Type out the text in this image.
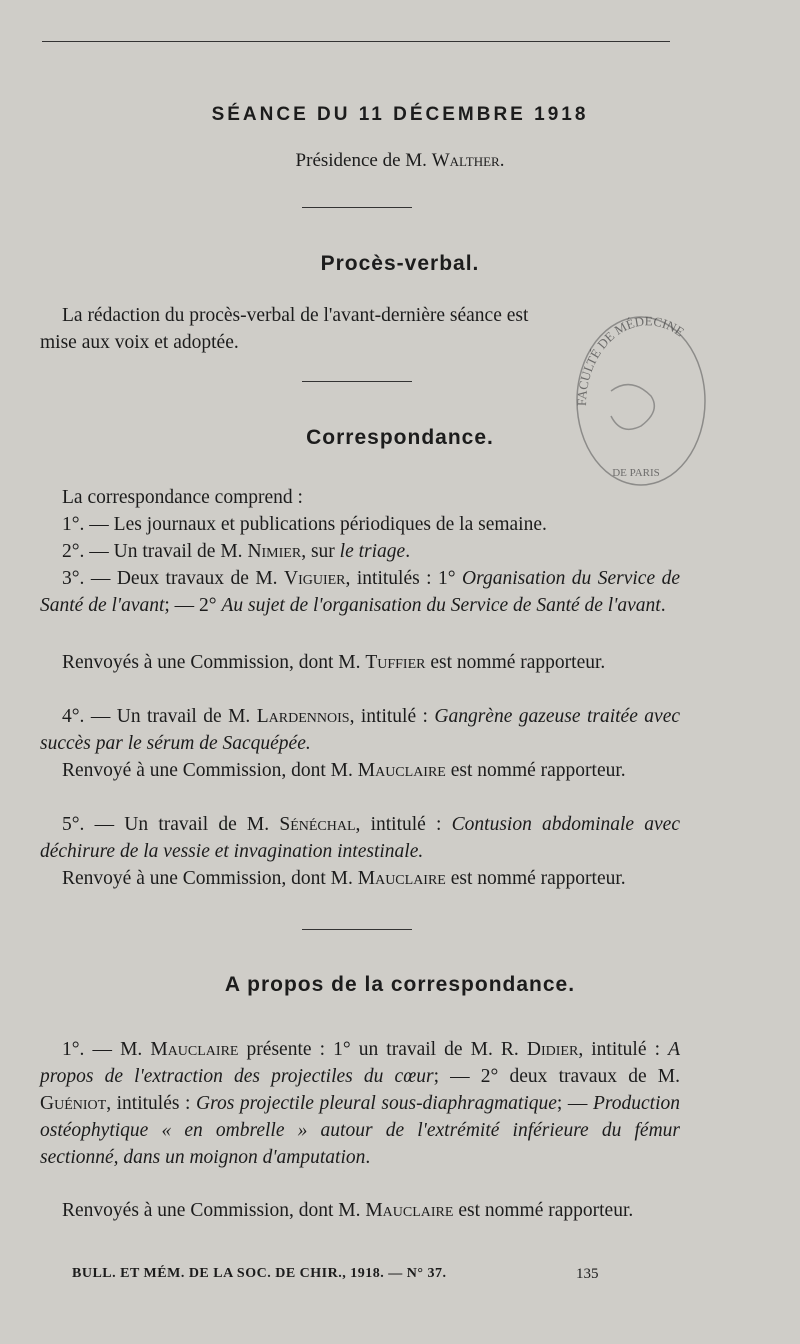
SÉANCE DU 11 DÉCEMBRE 1918
Présidence de M. Walther.
Procès-verbal.
La rédaction du procès-verbal de l'avant-dernière séance est
mise aux voix et adoptée.
Correspondance.
La correspondance comprend :
1°. — Les journaux et publications périodiques de la semaine.
2°. — Un travail de M. Nimier, sur le triage.
3°. — Deux travaux de M. Viguier, intitulés : 1° Organisation du Service de Santé de l'avant; — 2° Au sujet de l'organisation du Service de Santé de l'avant.
Renvoyés à une Commission, dont M. Tuffier est nommé rapporteur.
4°. — Un travail de M. Lardennois, intitulé : Gangrène gazeuse traitée avec succès par le sérum de Sacquépée.
Renvoyé à une Commission, dont M. Mauclaire est nommé rapporteur.
5°. — Un travail de M. Sénéchal, intitulé : Contusion abdominale avec déchirure de la vessie et invagination intestinale.
Renvoyé à une Commission, dont M. Mauclaire est nommé rapporteur.
A propos de la correspondance.
1°. — M. Mauclaire présente : 1° un travail de M. R. Didier, intitulé : A propos de l'extraction des projectiles du cœur; — 2° deux travaux de M. Guéniot, intitulés : Gros projectile pleural sous-diaphragmatique; — Production ostéophytique « en ombrelle » autour de l'extrémité inférieure du fémur sectionné, dans un moignon d'amputation.
Renvoyés à une Commission, dont M. Mauclaire est nommé rapporteur.
BULL. ET MÉM. DE LA SOC. DE CHIR., 1918. — N° 37.	135
FACULTÉ DE MÉDECINE
DE PARIS
